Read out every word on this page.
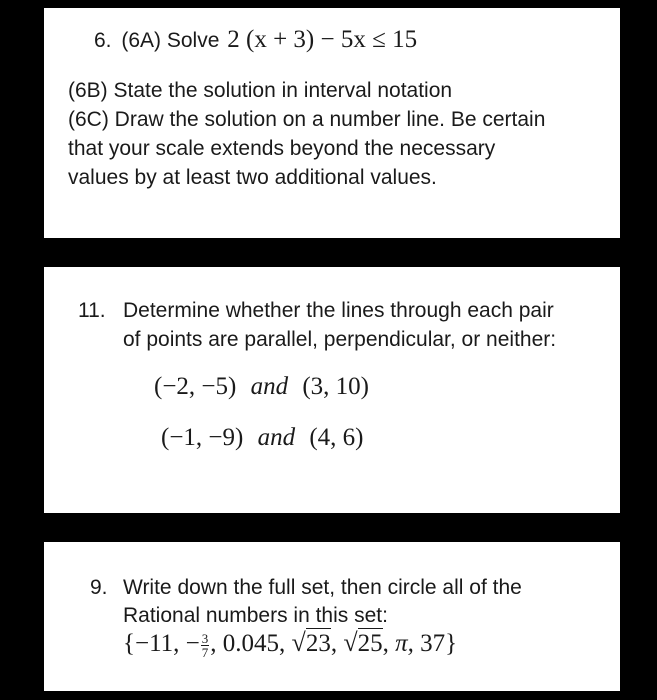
6. (6A) Solve 2 (x + 3) − 5x ≤ 15
(6B) State the solution in interval notation
(6C) Draw the solution on a number line. Be certain
that your scale extends beyond the necessary
values by at least two additional values.
11. Determine whether the lines through each pair
of points are parallel, perpendicular, or neither:
(−2, −5) and (3, 10)
(−1, −9) and (4, 6)
9. Write down the full set, then circle all of the
Rational numbers in this set:
{−11, − $\frac{3}{7}$ , 0.045, √23, √25, π, 37}
